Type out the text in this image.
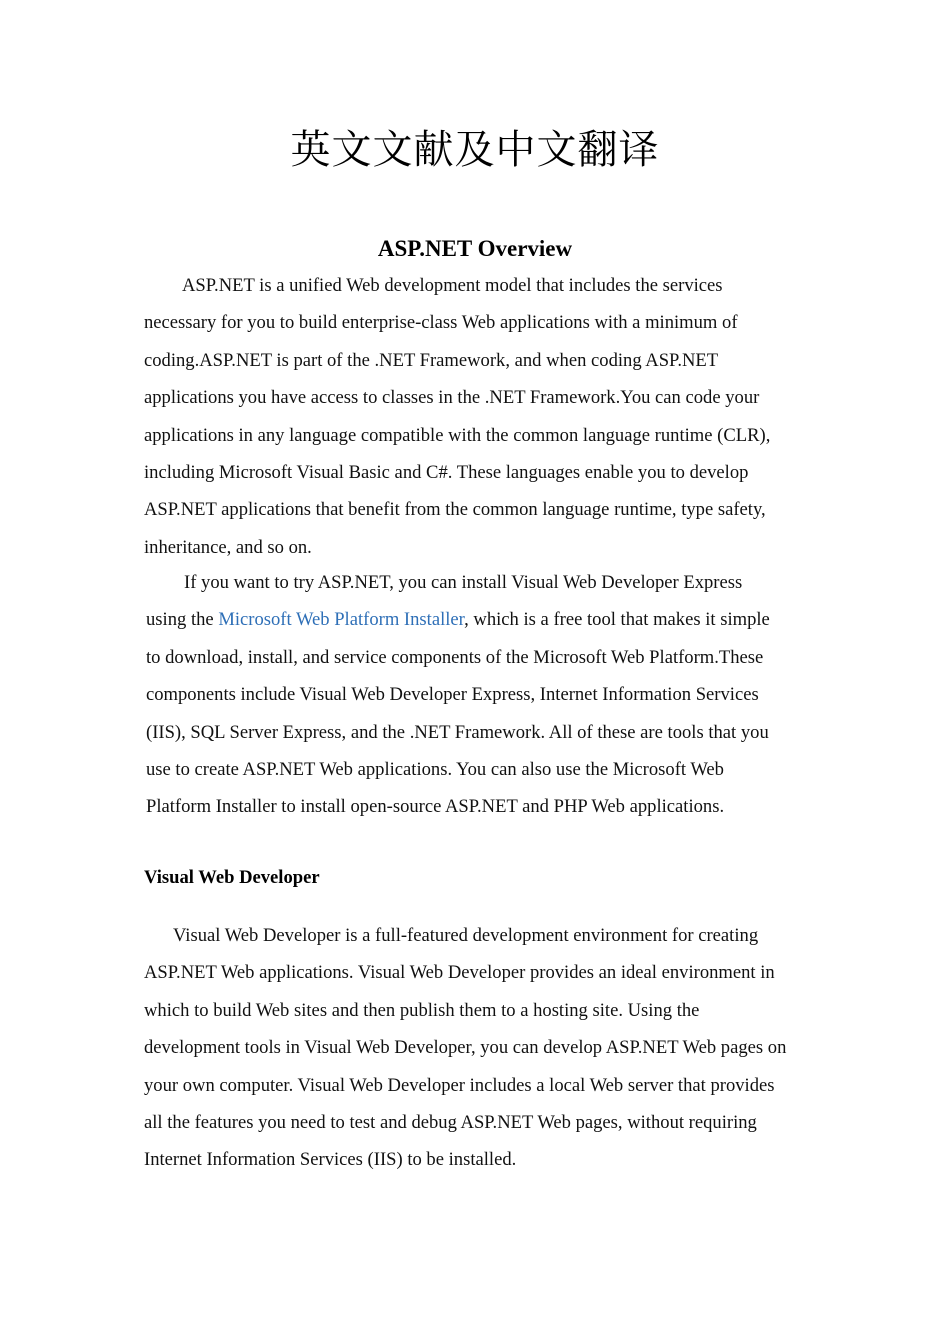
英文文献及中文翻译
ASP.NET Overview
ASP.NET is a unified Web development model that includes the services
necessary for you to build enterprise-class Web applications with a minimum of
coding.ASP.NET is part of the .NET Framework, and when coding ASP.NET
applications you have access to classes in the .NET Framework.You can code your
applications in any language compatible with the common language runtime (CLR),
including Microsoft Visual Basic and C#. These languages enable you to develop
ASP.NET applications that benefit from the common language runtime, type safety,
inheritance, and so on.
If you want to try ASP.NET, you can install Visual Web Developer Express
using the Microsoft Web Platform Installer, which is a free tool that makes it simple
to download, install, and service components of the Microsoft Web Platform.These
components include Visual Web Developer Express, Internet Information Services
(IIS), SQL Server Express, and the .NET Framework. All of these are tools that you
use to create ASP.NET Web applications. You can also use the Microsoft Web
Platform Installer to install open-source ASP.NET and PHP Web applications.
Visual Web Developer
Visual Web Developer is a full-featured development environment for creating
ASP.NET Web applications. Visual Web Developer provides an ideal environment in
which to build Web sites and then publish them to a hosting site. Using the
development tools in Visual Web Developer, you can develop ASP.NET Web pages on
your own computer. Visual Web Developer includes a local Web server that provides
all the features you need to test and debug ASP.NET Web pages, without requiring
Internet Information Services (IIS) to be installed.
